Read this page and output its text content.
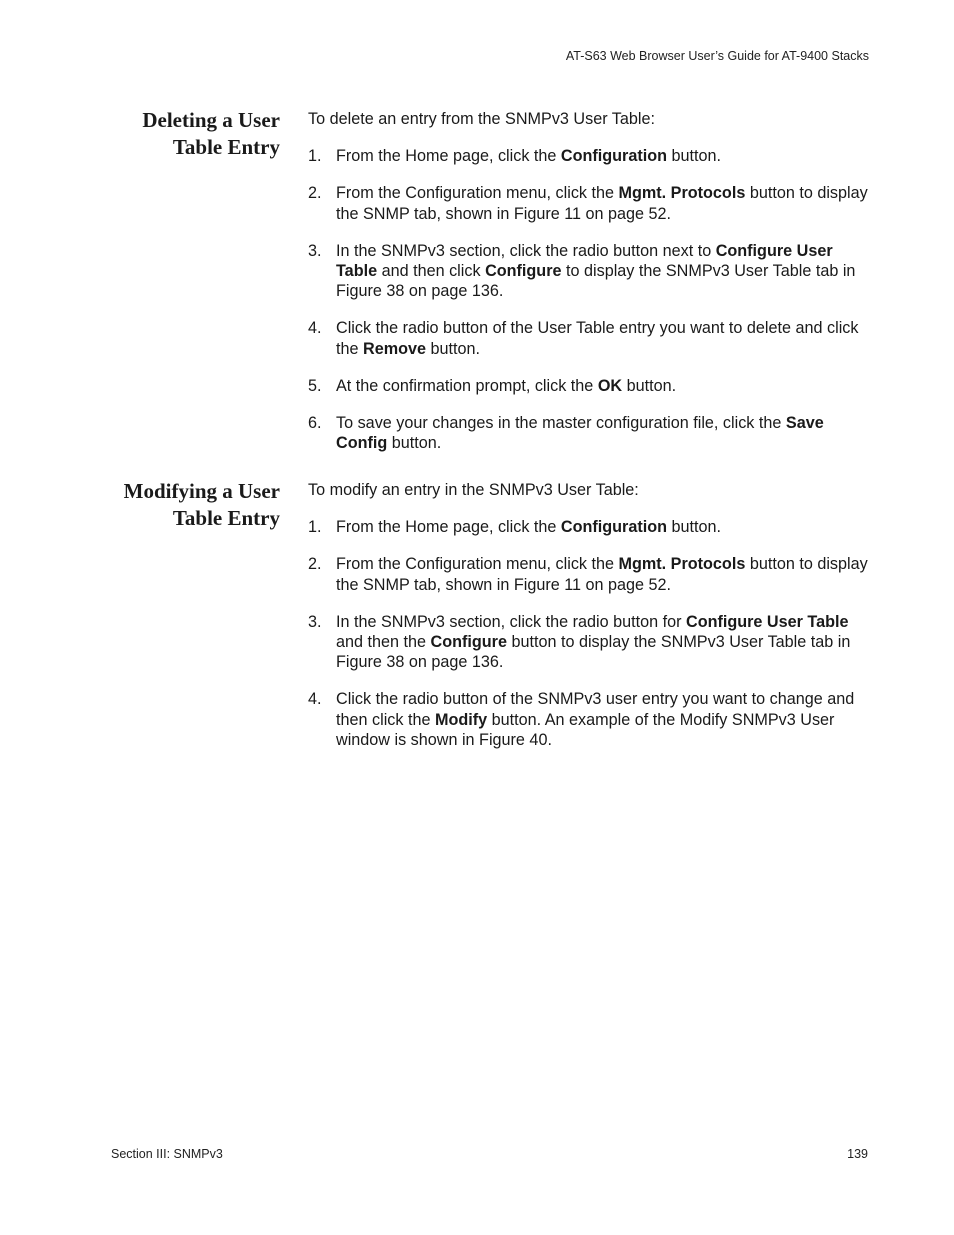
AT-S63 Web Browser User’s Guide for AT-9400 Stacks
Deleting a User
Table Entry

To delete an entry from the SNMPv3 User Table:

1. From the Home page, click the Configuration button.
2. From the Configuration menu, click the Mgmt. Protocols button to display the SNMP tab, shown in Figure 11 on page 52.
3. In the SNMPv3 section, click the radio button next to Configure User Table and then click Configure to display the SNMPv3 User Table tab in Figure 38 on page 136.
4. Click the radio button of the User Table entry you want to delete and click the Remove button.
5. At the confirmation prompt, click the OK button.
6. To save your changes in the master configuration file, click the Save Config button.
Modifying a User
Table Entry

To modify an entry in the SNMPv3 User Table:

1. From the Home page, click the Configuration button.
2. From the Configuration menu, click the Mgmt. Protocols button to display the SNMP tab, shown in Figure 11 on page 52.
3. In the SNMPv3 section, click the radio button for Configure User Table and then the Configure button to display the SNMPv3 User Table tab in Figure 38 on page 136.
4. Click the radio button of the SNMPv3 user entry you want to change and then click the Modify button. An example of the Modify SNMPv3 User window is shown in Figure 40.
Section III: SNMPv3	139
